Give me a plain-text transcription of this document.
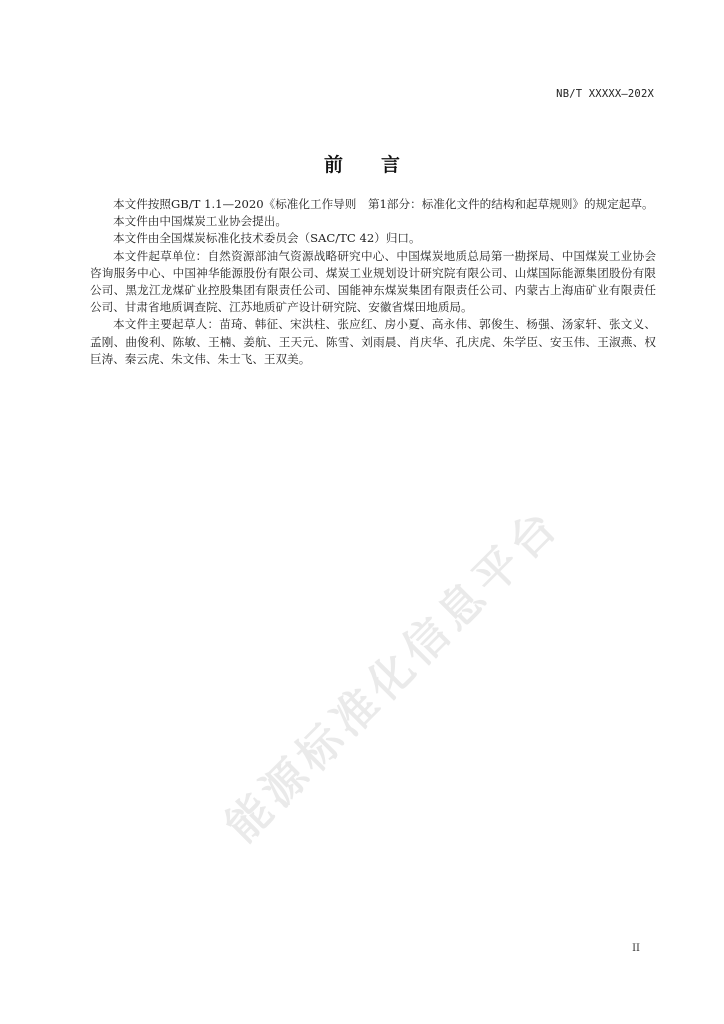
NB/T XXXXX—202X
前言

本文件按照GB/T 1.1—2020《标准化工作导则　第1部分：标准化文件的结构和起草规则》的规定起草。

本文件由中国煤炭工业协会提出。

本文件由全国煤炭标准化技术委员会（SAC/TC 42）归口。

本文件起草单位：自然资源部油气资源战略研究中心、中国煤炭地质总局第一勘探局、中国煤炭工业协会咨询服务中心、中国神华能源股份有限公司、煤炭工业规划设计研究院有限公司、山煤国际能源集团股份有限公司、黑龙江龙煤矿业控股集团有限责任公司、国能神东煤炭集团有限责任公司、内蒙古上海庙矿业有限责任公司、甘肃省地质调查院、江苏地质矿产设计研究院、安徽省煤田地质局。

本文件主要起草人：苗琦、韩征、宋洪柱、张应红、房小夏、高永伟、郭俊生、杨强、汤家轩、张文义、孟刚、曲俊利、陈敏、王楠、姜航、王天元、陈雪、刘雨晨、肖庆华、孔庆虎、朱学臣、安玉伟、王淑燕、权巨涛、秦云虎、朱文伟、朱士飞、王双美。

能源标准化信息平台
II
